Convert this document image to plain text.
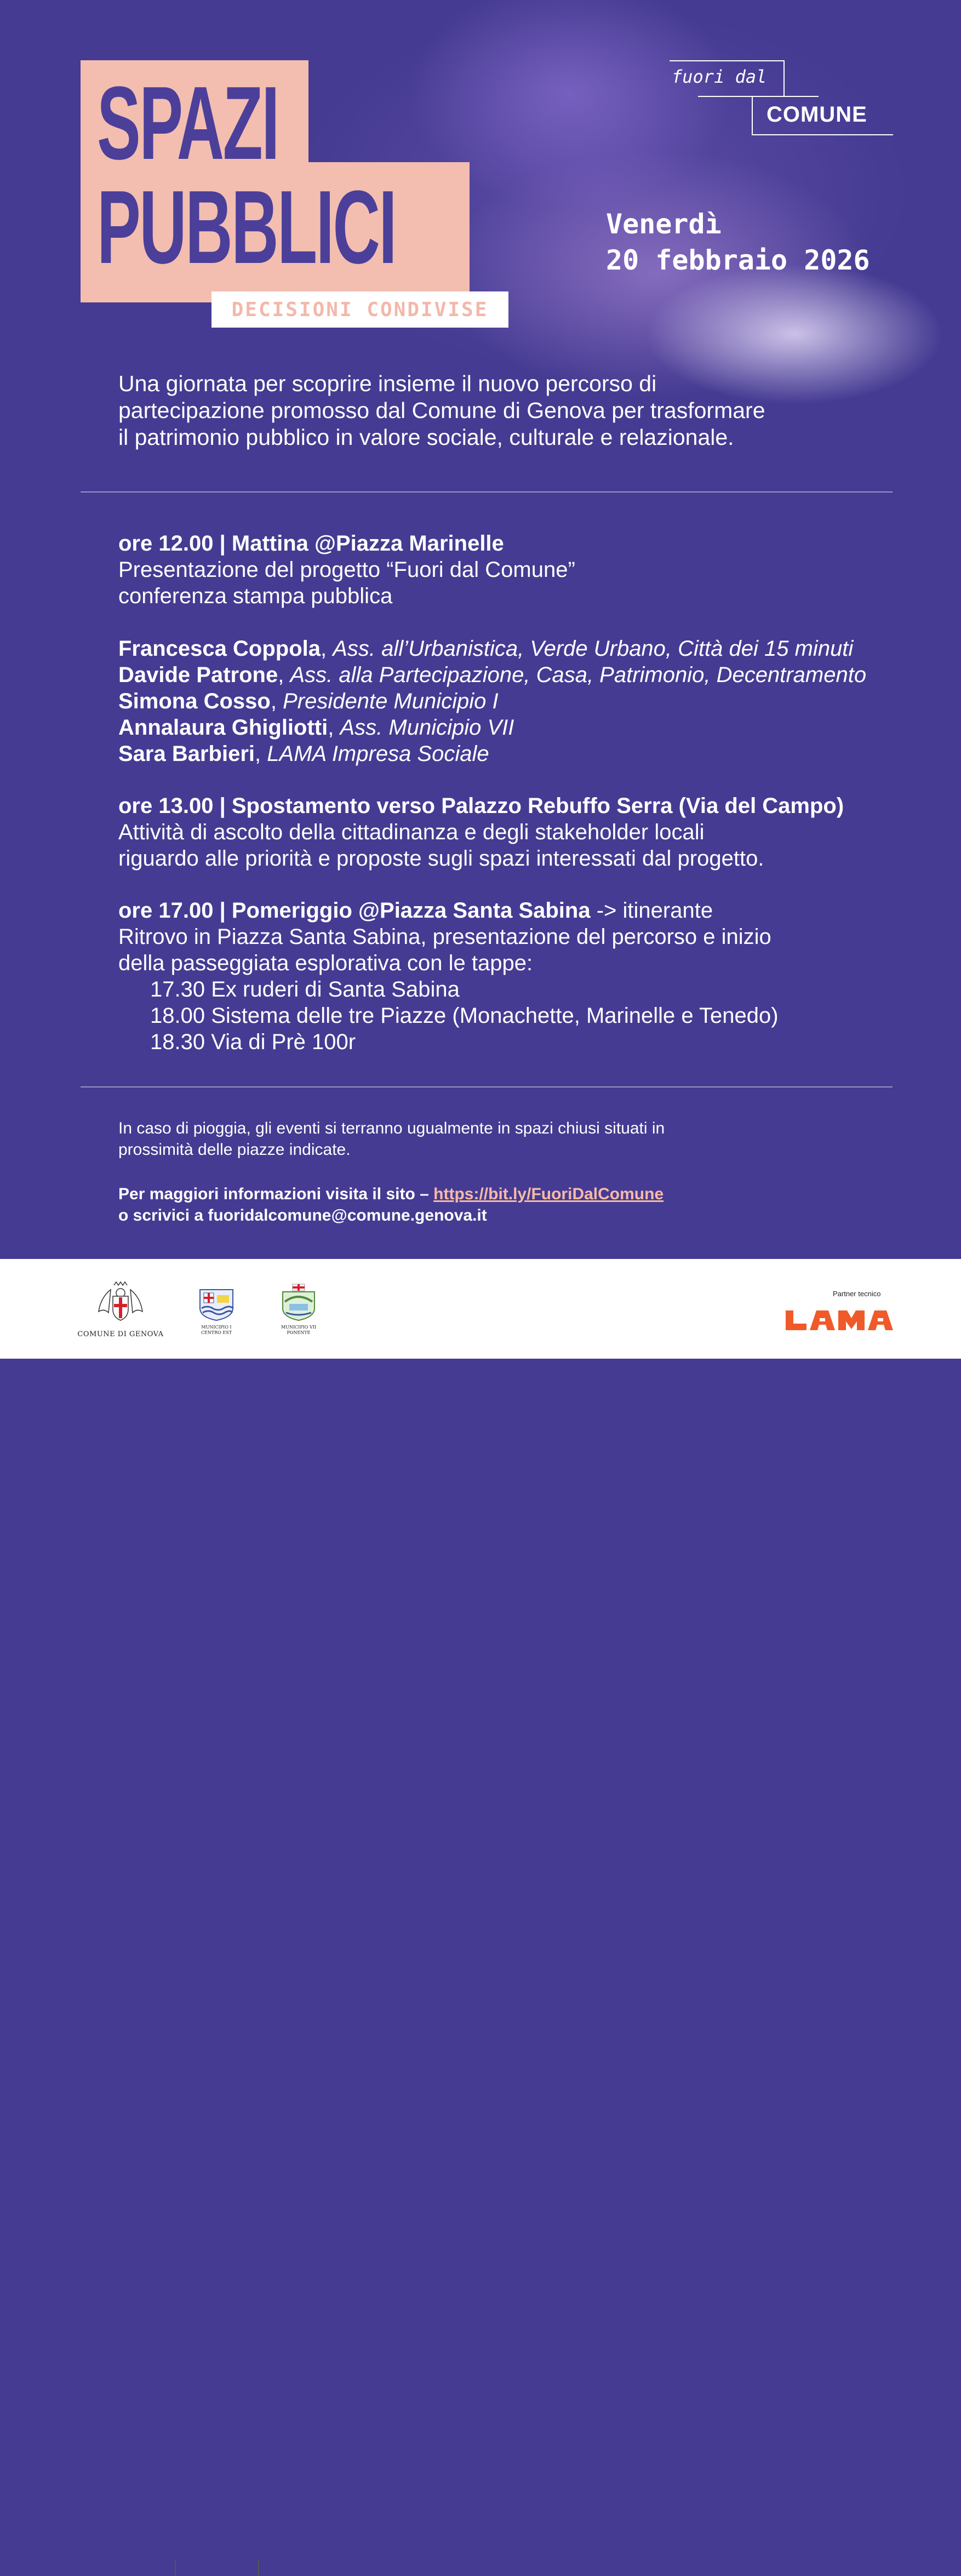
SPAZI
PUBBLICI
DECISIONI CONDIVISE
fuori dal
COMUNE
Venerdì
20 febbraio 2026
Una giornata per scoprire insieme il nuovo percorso di
partecipazione promosso dal Comune di Genova per trasformare
il patrimonio pubblico in valore sociale, culturale e relazionale.
ore 12.00 | Mattina @Piazza Marinelle
Presentazione del progetto “Fuori dal Comune”
conferenza stampa pubblica
Francesca Coppola, Ass. all’Urbanistica, Verde Urbano, Città dei 15 minuti
Davide Patrone, Ass. alla Partecipazione, Casa, Patrimonio, Decentramento
Simona Cosso, Presidente Municipio I
Annalaura Ghigliotti, Ass. Municipio VII
Sara Barbieri, LAMA Impresa Sociale
ore 13.00 | Spostamento verso Palazzo Rebuffo Serra (Via del Campo)
Attività di ascolto della cittadinanza e degli stakeholder locali
riguardo alle priorità e proposte sugli spazi interessati dal progetto.
ore 17.00 | Pomeriggio @Piazza Santa Sabina -> itinerante
Ritrovo in Piazza Santa Sabina, presentazione del percorso e inizio
della passeggiata esplorativa con le tappe:
17.30 Ex ruderi di Santa Sabina
18.00 Sistema delle tre Piazze (Monachette, Marinelle e Tenedo)
18.30 Via di Prè 100r
In caso di pioggia, gli eventi si terranno ugualmente in spazi chiusi situati in
prossimità delle piazze indicate.
Per maggiori informazioni visita il sito – https://bit.ly/FuoriDalComune
o scrivici a fuoridalcomune@comune.genova.it
COMUNE DI GENOVA
MUNICIPIO I
CENTRO EST
MUNICIPIO VII
PONENTE
Partner tecnico
